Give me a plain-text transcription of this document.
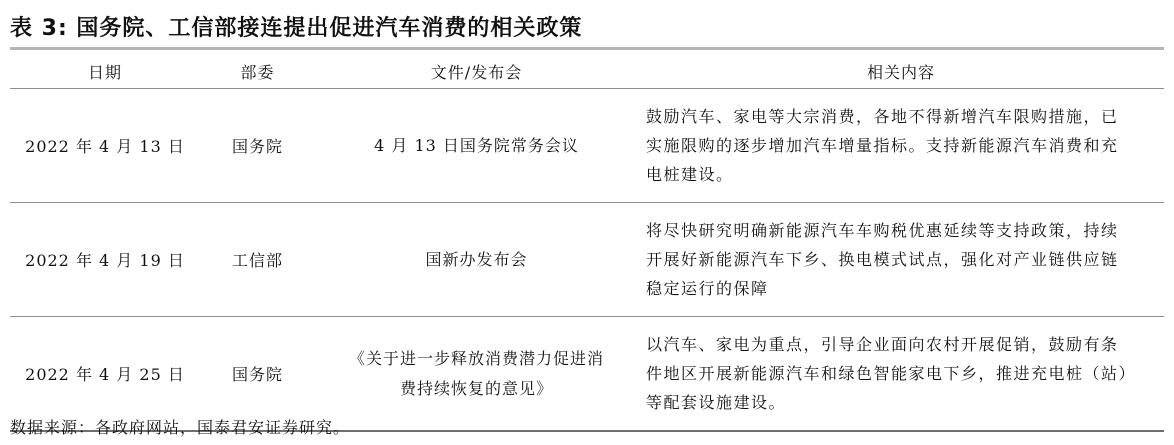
表 3: 国务院、工信部接连提出促进汽车消费的相关政策
日期	部委	文件/发布会	相关内容
2022 年 4 月 13 日	国务院	4 月 13 日国务院常务会议	鼓励汽车、家电等大宗消费，各地不得新增汽车限购措施，已实施限购的逐步增加汽车增量指标。支持新能源汽车消费和充电桩建设。
2022 年 4 月 19 日	工信部	国新办发布会	将尽快研究明确新能源汽车车购税优惠延续等支持政策，持续开展好新能源汽车下乡、换电模式试点，强化对产业链供应链稳定运行的保障
2022 年 4 月 25 日	国务院	《关于进一步释放消费潜力促进消费持续恢复的意见》	以汽车、家电为重点，引导企业面向农村开展促销，鼓励有条件地区开展新能源汽车和绿色智能家电下乡，推进充电桩（站）等配套设施建设。
数据来源：各政府网站，国泰君安证券研究。
